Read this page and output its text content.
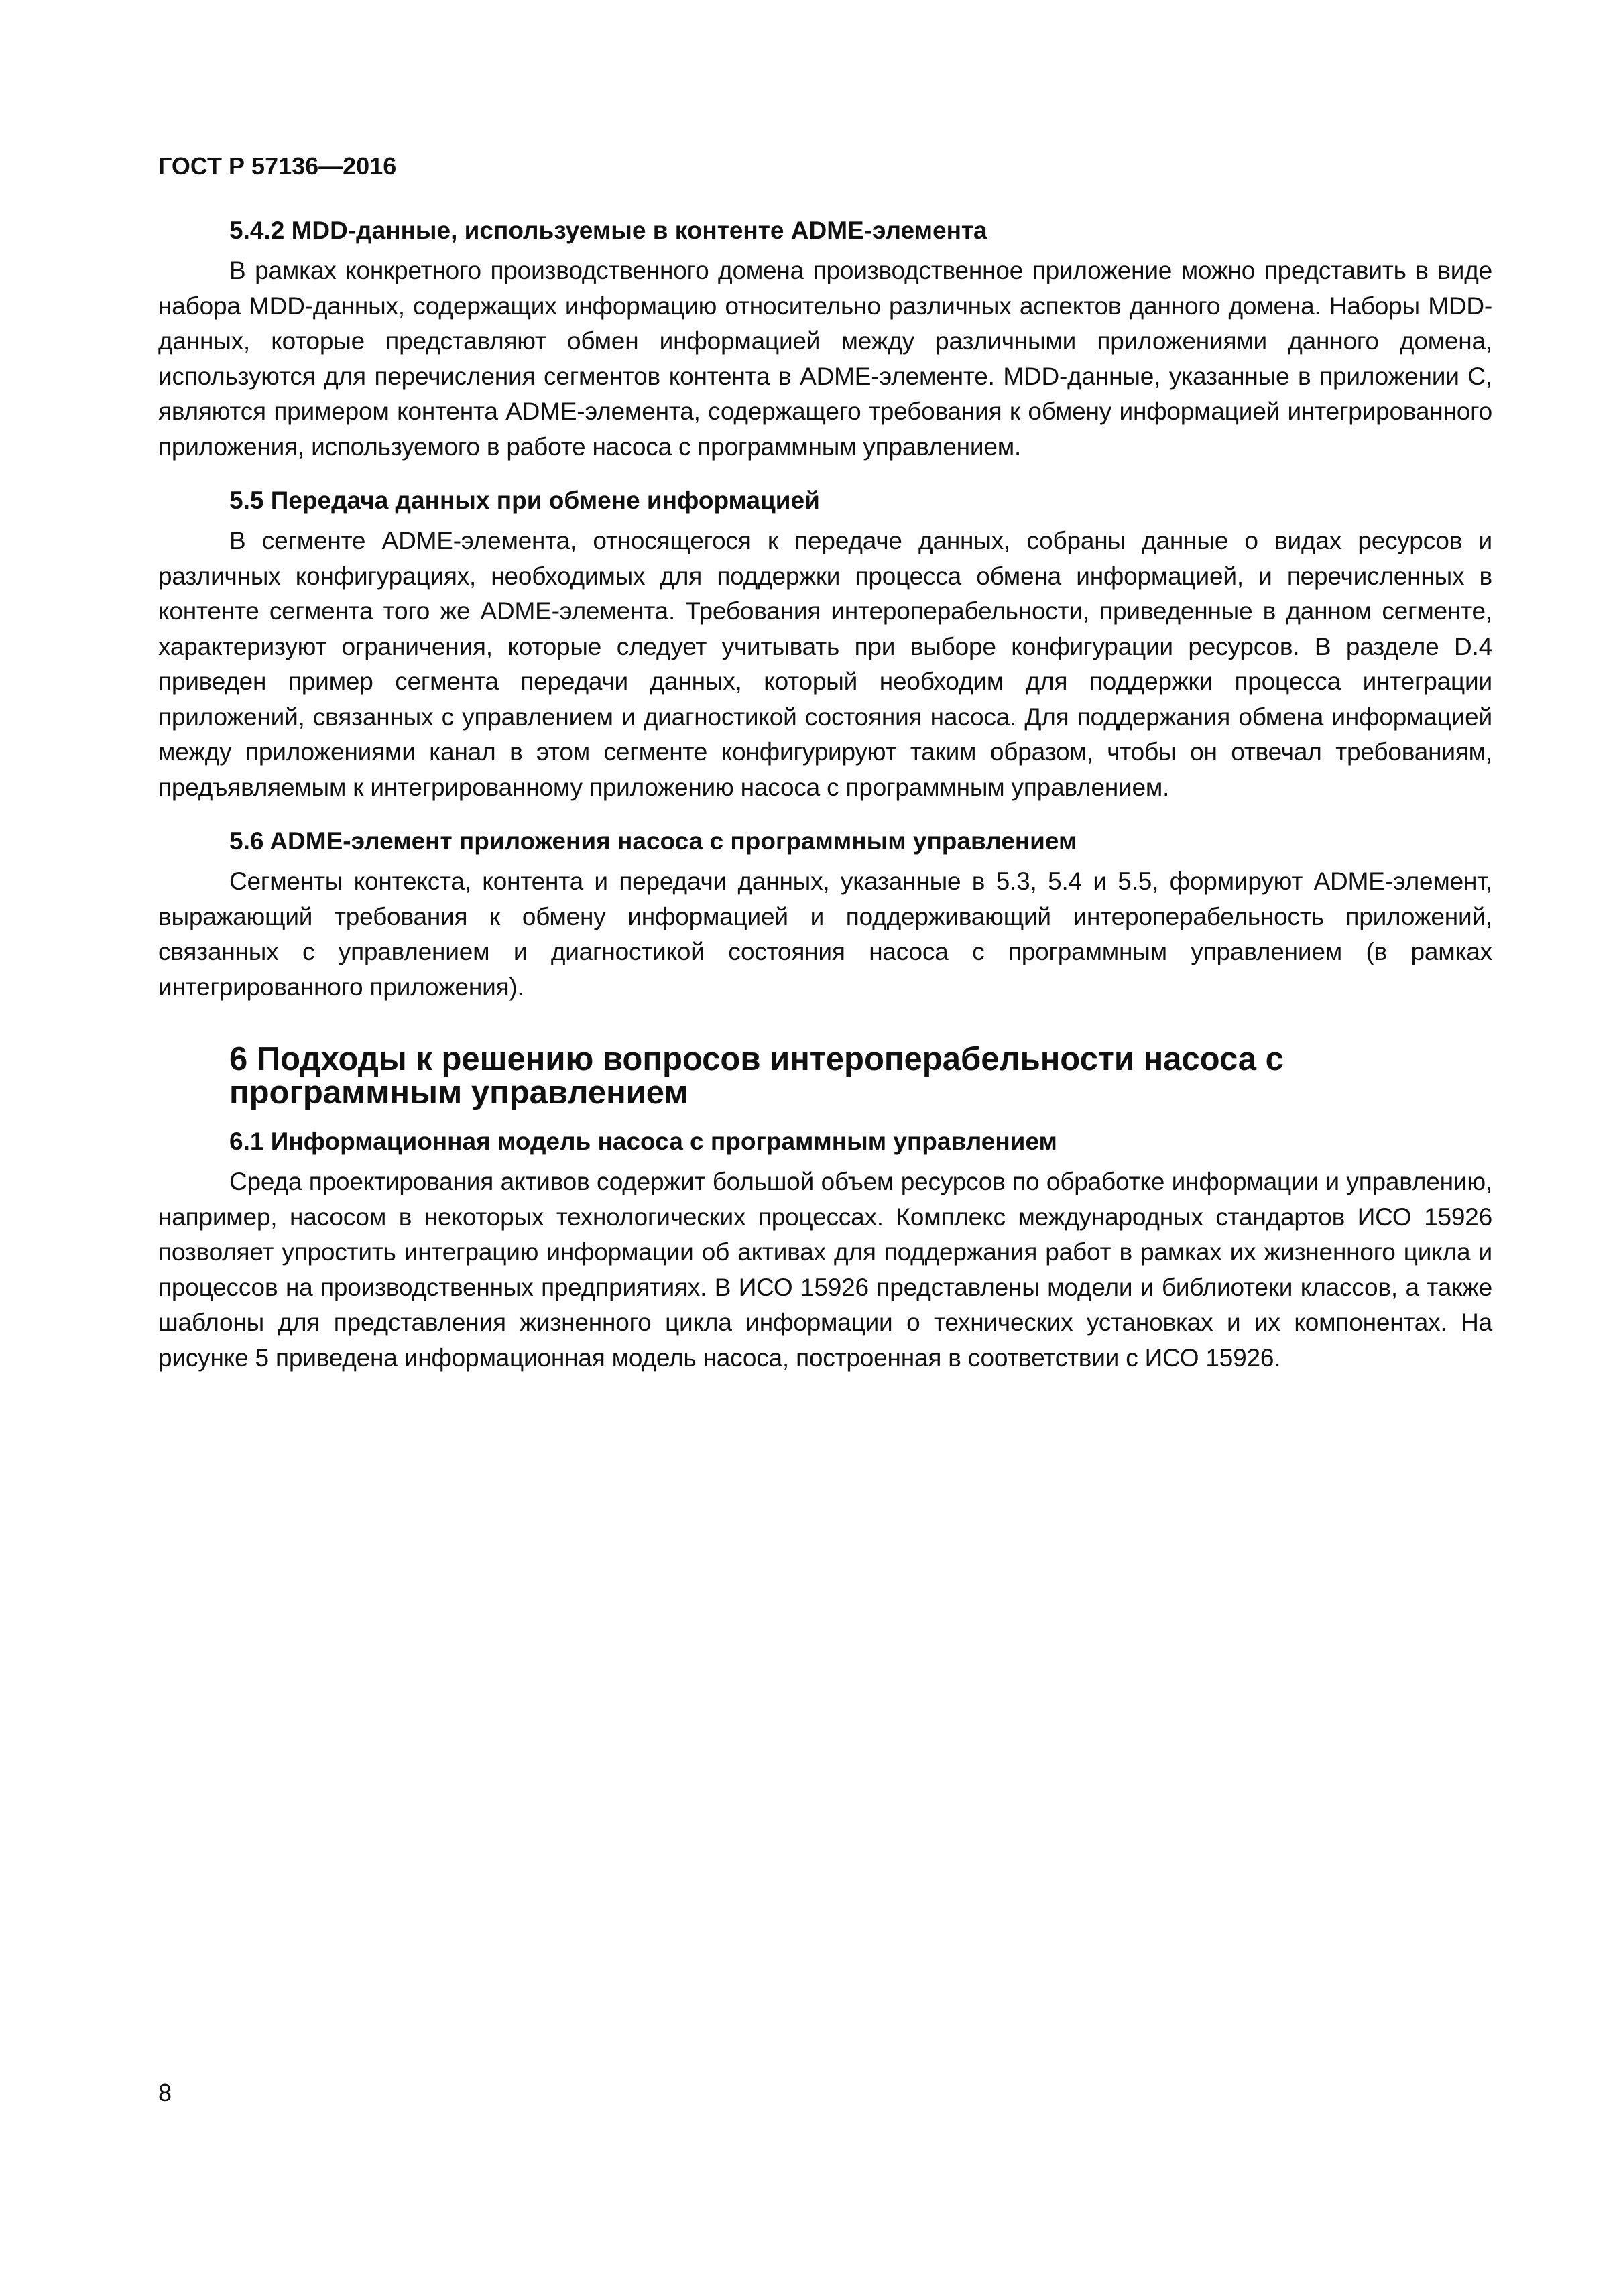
ГОСТ Р 57136—2016

5.4.2 MDD-данные, используемые в контенте ADME-элемента

В рамках конкретного производственного домена производственное приложение можно представить в виде набора MDD-данных, содержащих информацию относительно различных аспектов данного домена. Наборы MDD-данных, которые представляют обмен информацией между различными приложениями данного домена, используются для перечисления сегментов контента в ADME-элементе. MDD-данные, указанные в приложении C, являются примером контента ADME-элемента, содержащего требования к обмену информацией интегрированного приложения, используемого в работе насоса с программным управлением.

5.5 Передача данных при обмене информацией

В сегменте ADME-элемента, относящегося к передаче данных, собраны данные о видах ресурсов и различных конфигурациях, необходимых для поддержки процесса обмена информацией, и перечисленных в контенте сегмента того же ADME-элемента. Требования интероперабельности, приведенные в данном сегменте, характеризуют ограничения, которые следует учитывать при выборе конфигурации ресурсов. В разделе D.4 приведен пример сегмента передачи данных, который необходим для поддержки процесса интеграции приложений, связанных с управлением и диагностикой состояния насоса. Для поддержания обмена информацией между приложениями канал в этом сегменте конфигурируют таким образом, чтобы он отвечал требованиям, предъявляемым к интегрированному приложению насоса с программным управлением.

5.6 ADME-элемент приложения насоса с программным управлением

Сегменты контекста, контента и передачи данных, указанные в 5.3, 5.4 и 5.5, формируют ADME-элемент, выражающий требования к обмену информацией и поддерживающий интероперабельность приложений, связанных с управлением и диагностикой состояния насоса с программным управлением (в рамках интегрированного приложения).

6 Подходы к решению вопросов интероперабельности насоса с программным управлением
6.1 Информационная модель насоса с программным управлением

Среда проектирования активов содержит большой объем ресурсов по обработке информации и управлению, например, насосом в некоторых технологических процессах. Комплекс международных стандартов ИСО 15926 позволяет упростить интеграцию информации об активах для поддержания работ в рамках их жизненного цикла и процессов на производственных предприятиях. В ИСО 15926 представлены модели и библиотеки классов, а также шаблоны для представления жизненного цикла информации о технических установках и их компонентах. На рисунке 5 приведена информационная модель насоса, построенная в соответствии с ИСО 15926.

8
